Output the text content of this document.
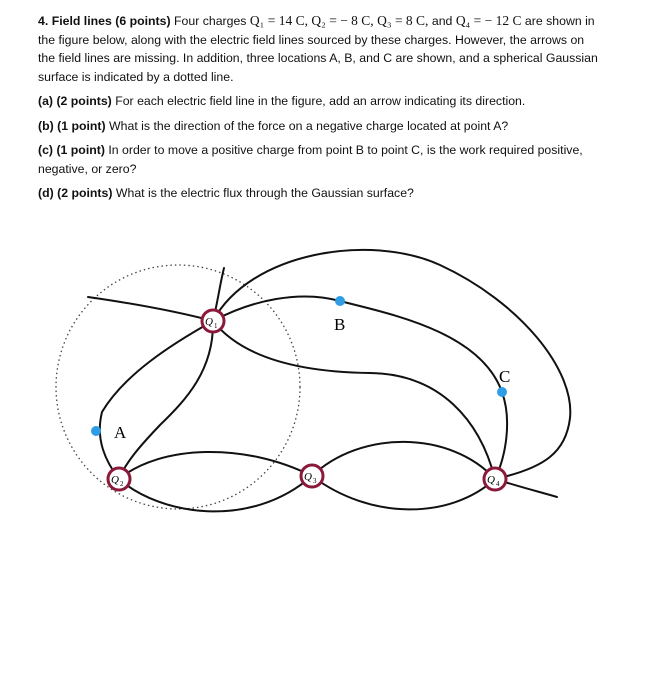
4. Field lines (6 points) Four charges Q₁ = 14 C, Q₂ = − 8 C, Q₃ = 8 C, and Q₄ = − 12 C are shown in the figure below, along with the electric field lines sourced by these charges. However, the arrows on the field lines are missing. In addition, three locations A, B, and C are shown, and a spherical Gaussian surface is indicated by a dotted line.

(a) (2 points) For each electric field line in the figure, add an arrow indicating its direction.

(b) (1 point) What is the direction of the force on a negative charge located at point A?

(c) (1 point) In order to move a positive charge from point B to point C, is the work required positive, negative, or zero?

(d) (2 points) What is the electric flux through the Gaussian surface?

A
B
C
Q 1
Q 2
Q 3	Q 4
